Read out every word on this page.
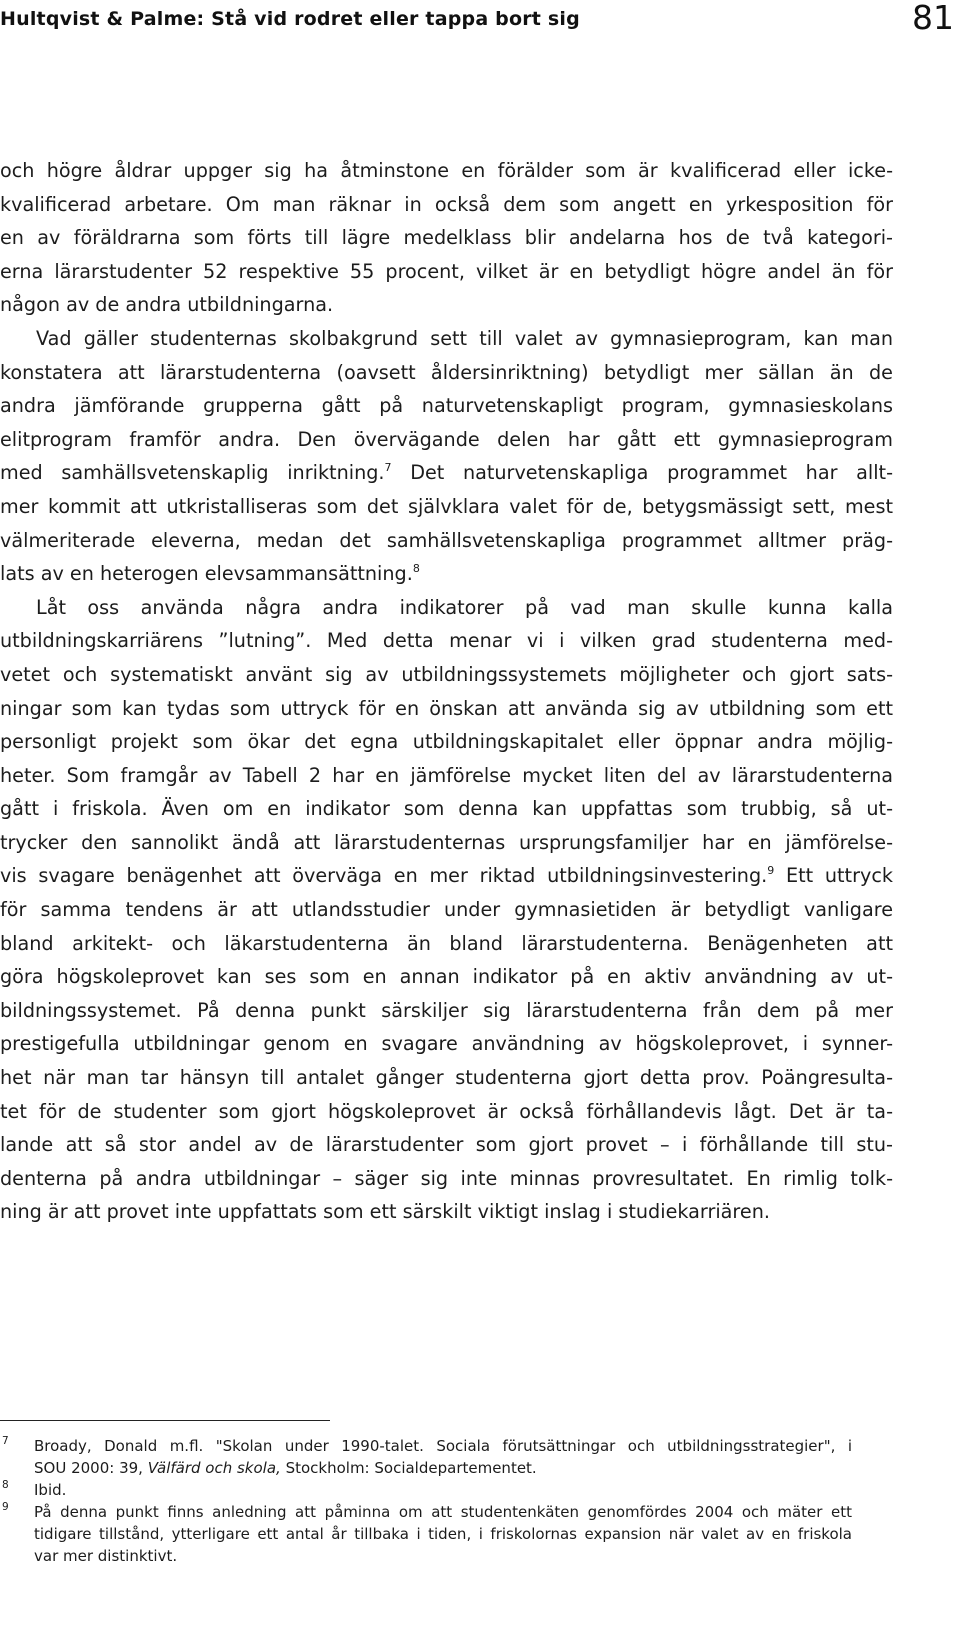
Hultqvist & Palme: Stå vid rodret eller tappa bort sig	81
och högre åldrar uppger sig ha åtminstone en förälder som är kvalificerad eller icke-
kvalificerad arbetare. Om man räknar in också dem som angett en yrkesposition för
en av föräldrarna som förts till lägre medelklass blir andelarna hos de två kategori-
erna lärarstudenter 52 respektive 55 procent, vilket är en betydligt högre andel än för
någon av de andra utbildningarna.
Vad gäller studenternas skolbakgrund sett till valet av gymnasieprogram, kan man
konstatera att lärarstudenterna (oavsett åldersinriktning) betydligt mer sällan än de
andra jämförande grupperna gått på naturvetenskapligt program, gymnasieskolans
elitprogram framför andra. Den övervägande delen har gått ett gymnasieprogram
med samhällsvetenskaplig inriktning.$^7$ Det naturvetenskapliga programmet har allt-
mer kommit att utkristalliseras som det självklara valet för de, betygsmässigt sett, mest
välmeriterade eleverna, medan det samhällsvetenskapliga programmet alltmer präg-
lats av en heterogen elevsammansättning.$^8$
Låt oss använda några andra indikatorer på vad man skulle kunna kalla
utbildningskarriärens ”lutning”. Med detta menar vi i vilken grad studenterna med-
vetet och systematiskt använt sig av utbildningssystemets möjligheter och gjort sats-
ningar som kan tydas som uttryck för en önskan att använda sig av utbildning som ett
personligt projekt som ökar det egna utbildningskapitalet eller öppnar andra möjlig-
heter. Som framgår av Tabell 2 har en jämförelse mycket liten del av lärarstudenterna
gått i friskola. Även om en indikator som denna kan uppfattas som trubbig, så ut-
trycker den sannolikt ändå att lärarstudenternas ursprungsfamiljer har en jämförelse-
vis svagare benägenhet att överväga en mer riktad utbildningsinvestering.$^9$ Ett uttryck
för samma tendens är att utlandsstudier under gymnasietiden är betydligt vanligare
bland arkitekt- och läkarstudenterna än bland lärarstudenterna. Benägenheten att
göra högskoleprovet kan ses som en annan indikator på en aktiv användning av ut-
bildningssystemet. På denna punkt särskiljer sig lärarstudenterna från dem på mer
prestigefulla utbildningar genom en svagare användning av högskoleprovet, i synner-
het när man tar hänsyn till antalet gånger studenterna gjort detta prov. Poängresulta-
tet för de studenter som gjort högskoleprovet är också förhållandevis lågt. Det är ta-
lande att så stor andel av de lärarstudenter som gjort provet – i förhållande till stu-
denterna på andra utbildningar – säger sig inte minnas provresultatet. En rimlig tolk-
ning är att provet inte uppfattats som ett särskilt viktigt inslag i studiekarriären.
7 Broady, Donald m.fl. "Skolan under 1990-talet. Sociala förutsättningar och utbildningsstrategier", i
SOU 2000: 39, Välfärd och skola, Stockholm: Socialdepartementet.
8 Ibid.
9 På denna punkt finns anledning att påminna om att studentenkäten genomfördes 2004 och mäter ett
tidigare tillstånd, ytterligare ett antal år tillbaka i tiden, i friskolornas expansion när valet av en friskola
var mer distinktivt.
